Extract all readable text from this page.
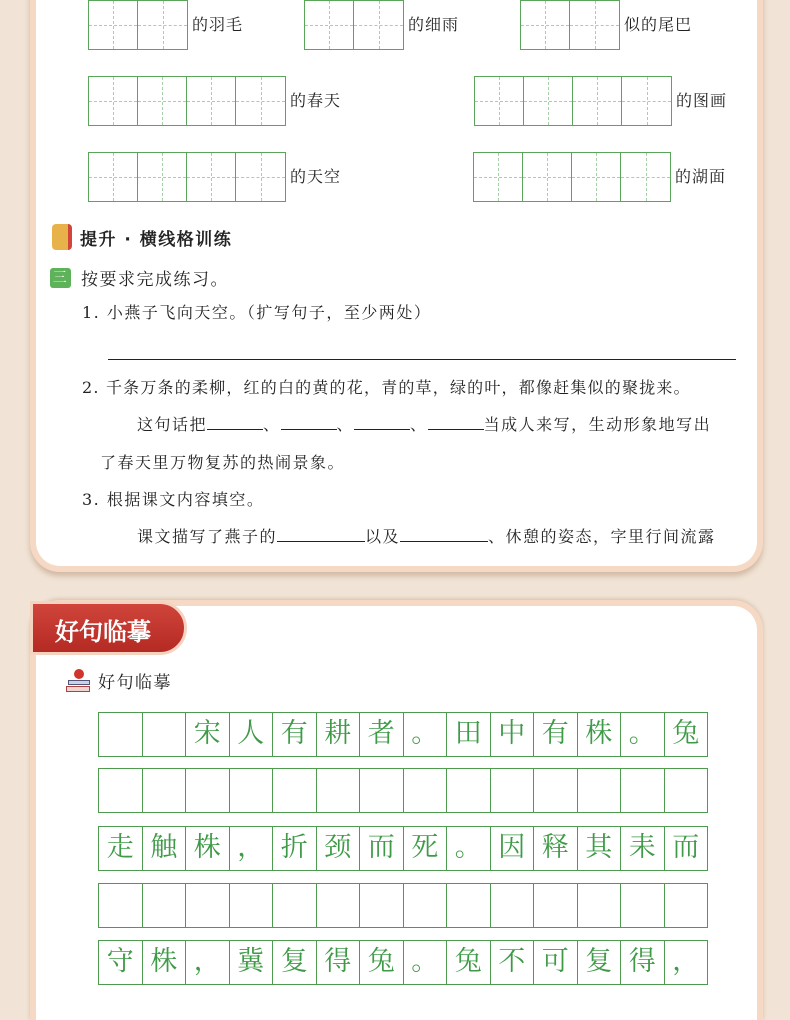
的羽毛	的细雨	似的尾巴
的春天	的图画
的天空	的湖面
提升 · 横线格训练
三 按要求完成练习。
1. 小燕子飞向天空。（扩写句子，至少两处）
2. 千条万条的柔柳，红的白的黄的花，青的草，绿的叶，都像赶集似的聚拢来。
这句话把	、	、	、	当成人来写，生动形象地写出
了春天里万物复苏的热闹景象。
3. 根据课文内容填空。
课文描写了燕子的	以及	、休憩的姿态，字里行间流露
好句临摹
好句临摹
宋 人 有 耕 者 。 田 中 有 株 。 兔
走 触 株 ， 折 颈 而 死 。 因 释 其 耒 而
守 株 ， 冀 复 得 兔 。 兔 不 可 复 得 ，
